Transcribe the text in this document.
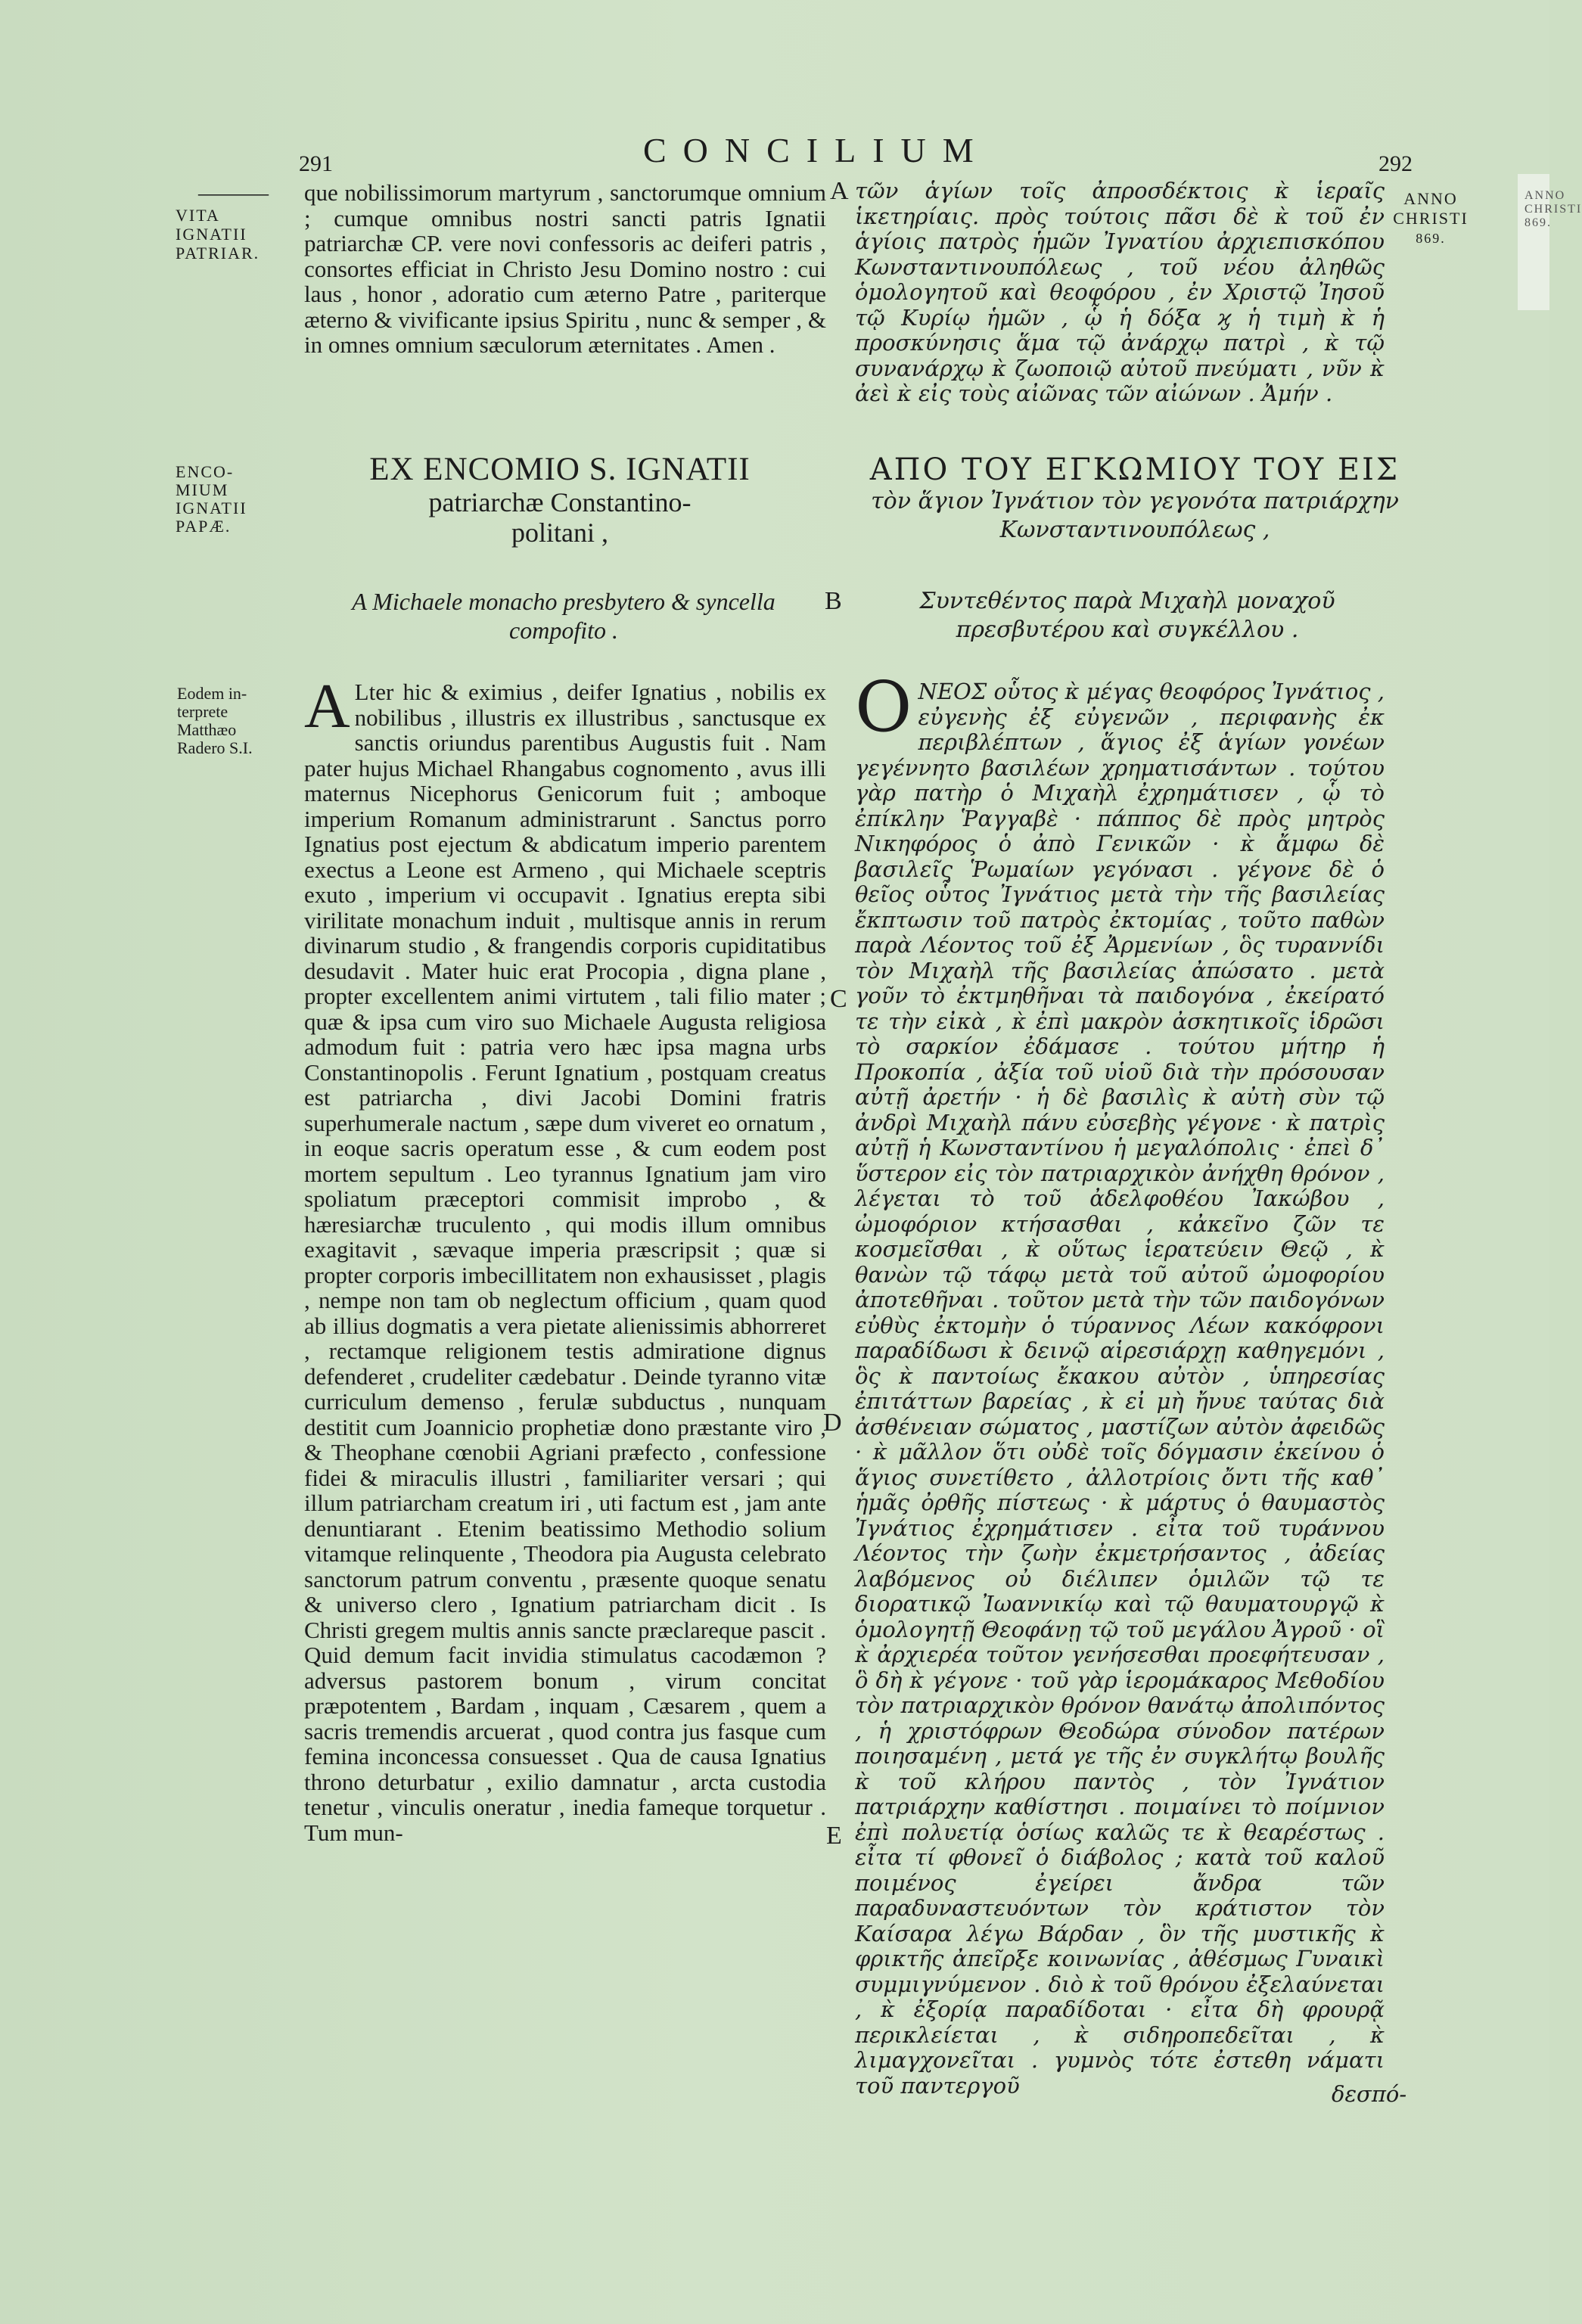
291	CONCILIUM	292
ANNO
CHRISTI
869.
ANNO
CHRISTI
869.
VITA
IGNATII
PATRIAR.
ENCO-
MIUM
IGNATII
PAPÆ.
Eodem in-
terprete
Matthæo
Radero S.I.
——— que nobilissimorum martyrum , sanctorumque omnium ; cumque omnibus nostri sancti patris Ignatii patriarchæ CP. vere novi confessoris ac deiferi patris , consortes efficiat in Christo Jesu Domino nostro : cui laus , honor , adoratio cum æterno Patre , pariterque æterno & vivificante ipsius Spiritu , nunc & semper , & in omnes omnium sæculorum æternitates . Amen .
τῶν ἁγίων τοῖς ἀπροσδέκτοις κ̀ ἱεραῖς ἱκετηρίαις. πρὸς τούτοις πᾶσι δὲ κ̀ τοῦ ἐν ἁγίοις πατρὸς ἡμῶν Ἰγνατίου ἀρχιεπισκόπου Κωνσταντινουπόλεως , τοῦ νέου ἀληθῶς ὁμολογητοῦ καὶ θεοφόρου , ἐν Χριστῷ Ἰησοῦ τῷ Κυρίῳ ἡμῶν , ᾧ ἡ δόξα ϗ ἡ τιμὴ κ̀ ἡ προσκύνησις ἅμα τῷ ἀνάρχῳ πατρὶ , κ̀ τῷ συνανάρχῳ κ̀ ζωοποιῷ αὐτοῦ πνεύματι , νῦν κ̀ ἀεὶ κ̀ εἰς τοὺς αἰῶνας τῶν αἰώνων . Ἀμήν .
A
B
C
D
E
EX ENCOMIO S. IGNATII
patriarchæ Constantino-
politani ,
A Michaele monacho presbytero & syncella compofito .
ΑΠΟ ΤΟΥ ΕΓΚΩΜΙΟΥ ΤΟΥ ΕΙΣ
τὸν ἅγιον Ἰγνάτιον τὸν γεγονότα πατριάρχην
Κωνσταντινουπόλεως ,
Συντεθέντος παρὰ Μιχαὴλ μοναχοῦ πρεσβυτέρου καὶ συγκέλλου .
A Lter hic & eximius , deifer Ignatius , nobilis ex nobilibus , illustris ex illustribus , sanctusque ex sanctis oriundus parentibus Augustis fuit . Nam pater hujus Michael Rhangabus cognomento , avus illi maternus Nicephorus Genicorum fuit ; amboque imperium Romanum administrarunt . Sanctus porro Ignatius post ejectum & abdicatum imperio parentem exectus a Leone est Armeno , qui Michaele sceptris exuto , imperium vi occupavit . Ignatius erepta sibi virilitate monachum induit , multisque annis in rerum divinarum studio , & frangendis corporis cupiditatibus desudavit . Mater huic erat Procopia , digna plane , propter excellentem animi virtutem , tali filio mater ; quæ & ipsa cum viro suo Michaele Augusta religiosa admodum fuit : patria vero hæc ipsa magna urbs Constantinopolis . Ferunt Ignatium , postquam creatus est patriarcha , divi Jacobi Domini fratris superhumerale nactum , sæpe dum viveret eo ornatum , in eoque sacris operatum esse , & cum eodem post mortem sepultum . Leo tyrannus Ignatium jam viro spoliatum præceptori commisit improbo , & hæresiarchæ truculento , qui modis illum omnibus exagitavit , sævaque imperia præscripsit ; quæ si propter corporis imbecillitatem non exhausisset , plagis , nempe non tam ob neglectum officium , quam quod ab illius dogmatis a vera pietate alienissimis abhorreret , rectamque religionem testis admiratione dignus defenderet , crudeliter cædebatur . Deinde tyranno vitæ curriculum demenso , ferulæ subductus , nunquam destitit cum Joannicio prophetiæ dono præstante viro , & Theophane cœnobii Agriani præfecto , confessione fidei & miraculis illustri , familiariter versari ; qui illum patriarcham creatum iri , uti factum est , jam ante denuntiarant . Etenim beatissimo Methodio solium vitamque relinquente , Theodora pia Augusta celebrato sanctorum patrum conventu , præsente quoque senatu & universo clero , Ignatium patriarcham dicit . Is Christi gregem multis annis sancte præclareque pascit . Quid demum facit invidia stimulatus cacodæmon ? adversus pastorem bonum , virum concitat præpotentem , Bardam , inquam , Cæsarem , quem a sacris tremendis arcuerat , quod contra jus fasque cum femina inconcessa consuesset . Qua de causa Ignatius throno deturbatur , exilio damnatur , arcta custodia tenetur , vinculis oneratur , inedia fameque torquetur . Tum mun-
ΟΝΕΟΣ οὗτος κ̀ μέγας θεοφόρος Ἰγνάτιος , εὐγενὴς ἐξ εὐγενῶν , περιφανὴς ἐκ περιβλέπτων , ἅγιος ἐξ ἁγίων γονέων γεγέννητο βασιλέων χρηματισάντων . τούτου γὰρ πατὴρ ὁ Μιχαὴλ ἐχρημάτισεν , ᾧ τὸ ἐπίκλην Ῥαγγαβὲ · πάππος δὲ πρὸς μητρὸς Νικηφόρος ὁ ἀπὸ Γενικῶν · κ̀ ἄμφω δὲ βασιλεῖς Ῥωμαίων γεγόνασι . γέγονε δὲ ὁ θεῖος οὗτος Ἰγνάτιος μετὰ τὴν τῆς βασιλείας ἔκπτωσιν τοῦ πατρὸς ἐκτομίας , τοῦτο παθὼν παρὰ Λέοντος τοῦ ἐξ Ἀρμενίων , ὃς τυραννίδι τὸν Μιχαὴλ τῆς βασιλείας ἀπώσατο . μετὰ γοῦν τὸ ἐκτμηθῆναι τὰ παιδογόνα , ἐκείρατό τε τὴν εἰκὰ , κ̀ ἐπὶ μακρὸν ἀσκητικοῖς ἱδρῶσι τὸ σαρκίον ἐδάμασε . τούτου μήτηρ ἡ Προκοπία , ἀξία τοῦ υἱοῦ διὰ τὴν πρόσουσαν αὐτῇ ἀρετήν · ἡ δὲ βασιλὶς κ̀ αὐτὴ σὺν τῷ ἀνδρὶ Μιχαὴλ πάνυ εὐσεβὴς γέγονε · κ̀ πατρὶς αὐτῇ ἡ Κωνσταντίνου ἡ μεγαλόπολις · ἐπεὶ δ᾽ ὕστερον εἰς τὸν πατριαρχικὸν ἀνήχθη θρόνον , λέγεται τὸ τοῦ ἀδελφοθέου Ἰακώβου , ὠμοφόριον κτήσασθαι , κἀκεῖνο ζῶν τε κοσμεῖσθαι , κ̀ οὕτως ἱερατεύειν Θεῷ , κ̀ θανὼν τῷ τάφῳ μετὰ τοῦ αὐτοῦ ὠμοφορίου ἀποτεθῆναι . τοῦτον μετὰ τὴν τῶν παιδογόνων εὐθὺς ἐκτομὴν ὁ τύραννος Λέων κακόφρονι παραδίδωσι κ̀ δεινῷ αἱρεσιάρχῃ καθηγεμόνι , ὃς κ̀ παντοίως ἔκακου αὐτὸν , ὑπηρεσίας ἐπιτάττων βαρείας , κ̀ εἰ μὴ ἤνυε ταύτας διὰ ἀσθένειαν σώματος , μαστίζων αὐτὸν ἀφειδῶς · κ̀ μᾶλλον ὅτι οὐδὲ τοῖς δόγμασιν ἐκείνου ὁ ἅγιος συνετίθετο , ἀλλοτρίοις ὄντι τῆς καθ᾽ ἡμᾶς ὀρθῆς πίστεως · κ̀ μάρτυς ὁ θαυμαστὸς Ἰγνάτιος ἐχρημάτισεν . εἶτα τοῦ τυράννου Λέοντος τὴν ζωὴν ἐκμετρήσαντος , ἀδείας λαβόμενος οὐ διέλιπεν ὁμιλῶν τῷ τε διορατικῷ Ἰωαννικίῳ καὶ τῷ θαυματουργῷ κ̀ ὁμολογητῇ Θεοφάνῃ τῷ τοῦ μεγάλου Ἀγροῦ · οἳ κ̀ ἀρχιερέα τοῦτον γενήσεσθαι προεφήτευσαν , ὃ δὴ κ̀ γέγονε · τοῦ γὰρ ἱερομάκαρος Μεθοδίου τὸν πατριαρχικὸν θρόνον θανάτῳ ἀπολιπόντος , ἡ χριστόφρων Θεοδώρα σύνοδον πατέρων ποιησαμένη , μετά γε τῆς ἐν συγκλήτῳ βουλῆς κ̀ τοῦ κλήρου παντὸς , τὸν Ἰγνάτιον πατριάρχην καθίστησι . ποιμαίνει τὸ ποίμνιον ἐπὶ πολυετίᾳ ὁσίως καλῶς τε κ̀ θεαρέστως . εἶτα τί φθονεῖ ὁ διάβολος ; κατὰ τοῦ καλοῦ ποιμένος ἐγείρει ἄνδρα τῶν παραδυναστευόντων τὸν κράτιστον τὸν Καίσαρα λέγω Βάρδαν , ὃν τῆς μυστικῆς κ̀ φρικτῆς ἀπεῖρξε κοινωνίας , ἀθέσμως Γυναικὶ συμμιγνύμενον . διὸ κ̀ τοῦ θρόνου ἐξελαύνεται , κ̀ ἐξορίᾳ παραδίδοται · εἶτα δὴ φρουρᾷ περικλείεται , κ̀ σιδηροπεδεῖται , κ̀ λιμαγχονεῖται . γυμνὸς τότε ἐστεθη νάματι τοῦ παντεργοῦ	δεσπό-
